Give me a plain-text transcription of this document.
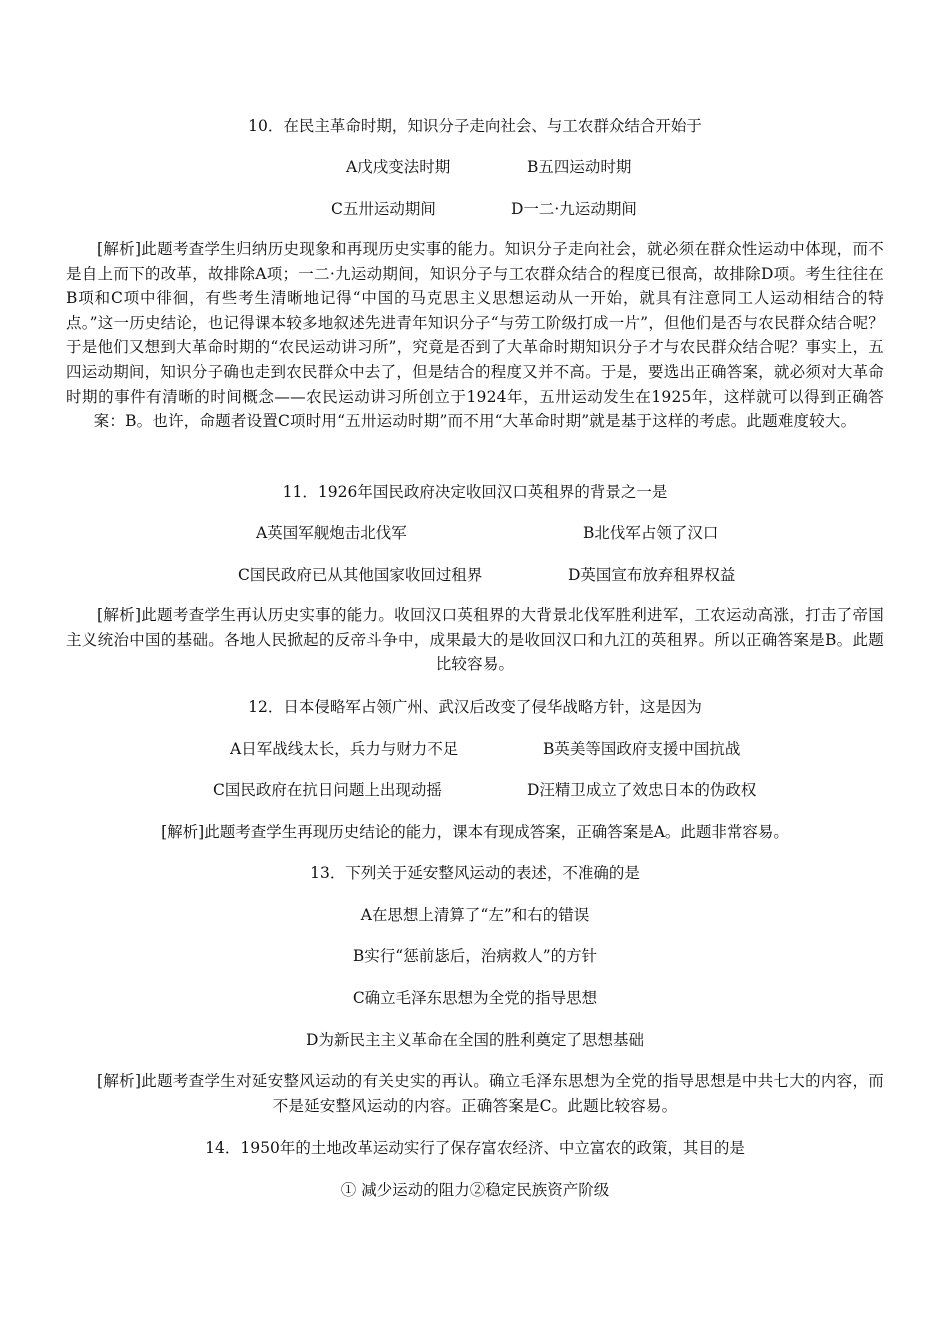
10．在民主革命时期，知识分子走向社会、与工农群众结合开始于
A戊戌变法时期	B五四运动时期
C五卅运动期间	D一二·九运动期间
[解析]此题考查学生归纳历史现象和再现历史实事的能力。知识分子走向社会，就必须在群众性运动中体现，而不是自上而下的改革，故排除A项；一二·九运动期间，知识分子与工农群众结合的程度已很高，故排除D项。考生往往在B项和C项中徘徊，有些考生清晰地记得“中国的马克思主义思想运动从一开始，就具有注意同工人运动相结合的特点。”这一历史结论，也记得课本较多地叙述先进青年知识分子“与劳工阶级打成一片”，但他们是否与农民群众结合呢？于是他们又想到大革命时期的“农民运动讲习所”，究竟是否到了大革命时期知识分子才与农民群众结合呢？事实上，五四运动期间，知识分子确也走到农民群众中去了，但是结合的程度又并不高。于是，要选出正确答案，就必须对大革命时期的事件有清晰的时间概念——农民运动讲习所创立于1924年，五卅运动发生在1925年，这样就可以得到正确答案：B。也许，命题者设置C项时用“五卅运动时期”而不用“大革命时期”就是基于这样的考虑。此题难度较大。
11．1926年国民政府决定收回汉口英租界的背景之一是
A英国军舰炮击北伐军	B北伐军占领了汉口
C国民政府已从其他国家收回过租界	D英国宣布放弃租界权益
[解析]此题考查学生再认历史实事的能力。收回汉口英租界的大背景北伐军胜利进军，工农运动高涨，打击了帝国主义统治中国的基础。各地人民掀起的反帝斗争中，成果最大的是收回汉口和九江的英租界。所以正确答案是B。此题比较容易。
12．日本侵略军占领广州、武汉后改变了侵华战略方针，这是因为
A日军战线太长，兵力与财力不足	B英美等国政府支援中国抗战
C国民政府在抗日问题上出现动摇	D汪精卫成立了效忠日本的伪政权
[解析]此题考查学生再现历史结论的能力，课本有现成答案，正确答案是A。此题非常容易。
13．下列关于延安整风运动的表述，不准确的是
A在思想上清算了“左”和右的错误
B实行“惩前毖后，治病救人”的方针
C确立毛泽东思想为全党的指导思想
D为新民主主义革命在全国的胜利奠定了思想基础
[解析]此题考查学生对延安整风运动的有关史实的再认。确立毛泽东思想为全党的指导思想是中共七大的内容，而不是延安整风运动的内容。正确答案是C。此题比较容易。
14．1950年的土地改革运动实行了保存富农经济、中立富农的政策，其目的是
① 减少运动的阻力②稳定民族资产阶级
